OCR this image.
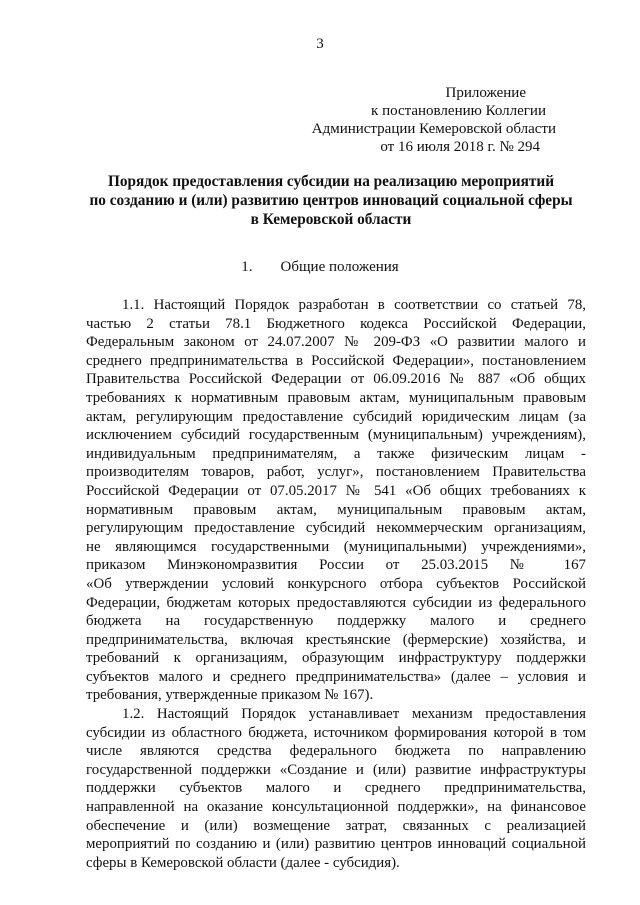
3
Приложение
к постановлению Коллегии
Администрации Кемеровской области
от 16 июля 2018 г. № 294
Порядок предоставления субсидии на реализацию мероприятий
по созданию и (или) развитию центров инноваций социальной сферы
в Кемеровской области
1. Общие положения
1.1. Настоящий Порядок разработан в соответствии со статьей 78,
частью 2 статьи 78.1 Бюджетного кодекса Российской Федерации,
Федеральным законом от 24.07.2007 № 209-ФЗ «О развитии малого и
среднего предпринимательства в Российской Федерации», постановлением
Правительства Российской Федерации от 06.09.2016 № 887 «Об общих
требованиях к нормативным правовым актам, муниципальным правовым
актам, регулирующим предоставление субсидий юридическим лицам (за
исключением субсидий государственным (муниципальным) учреждениям),
индивидуальным предпринимателям, а также физическим лицам -
производителям товаров, работ, услуг», постановлением Правительства
Российской Федерации от 07.05.2017 № 541 «Об общих требованиях к
нормативным правовым актам, муниципальным правовым актам,
регулирующим предоставление субсидий некоммерческим организациям,
не являющимся государственными (муниципальными) учреждениями»,
приказом Минэкономразвития России от 25.03.2015 № 167
«Об утверждении условий конкурсного отбора субъектов Российской
Федерации, бюджетам которых предоставляются субсидии из федерального
бюджета на государственную поддержку малого и среднего
предпринимательства, включая крестьянские (фермерские) хозяйства, и
требований к организациям, образующим инфраструктуру поддержки
субъектов малого и среднего предпринимательства» (далее – условия и
требования, утвержденные приказом № 167).
1.2. Настоящий Порядок устанавливает механизм предоставления
субсидии из областного бюджета, источником формирования которой в том
числе являются средства федерального бюджета по направлению
государственной поддержки «Создание и (или) развитие инфраструктуры
поддержки субъектов малого и среднего предпринимательства,
направленной на оказание консультационной поддержки», на финансовое
обеспечение и (или) возмещение затрат, связанных с реализацией
мероприятий по созданию и (или) развитию центров инноваций социальной
сферы в Кемеровской области (далее - субсидия).
